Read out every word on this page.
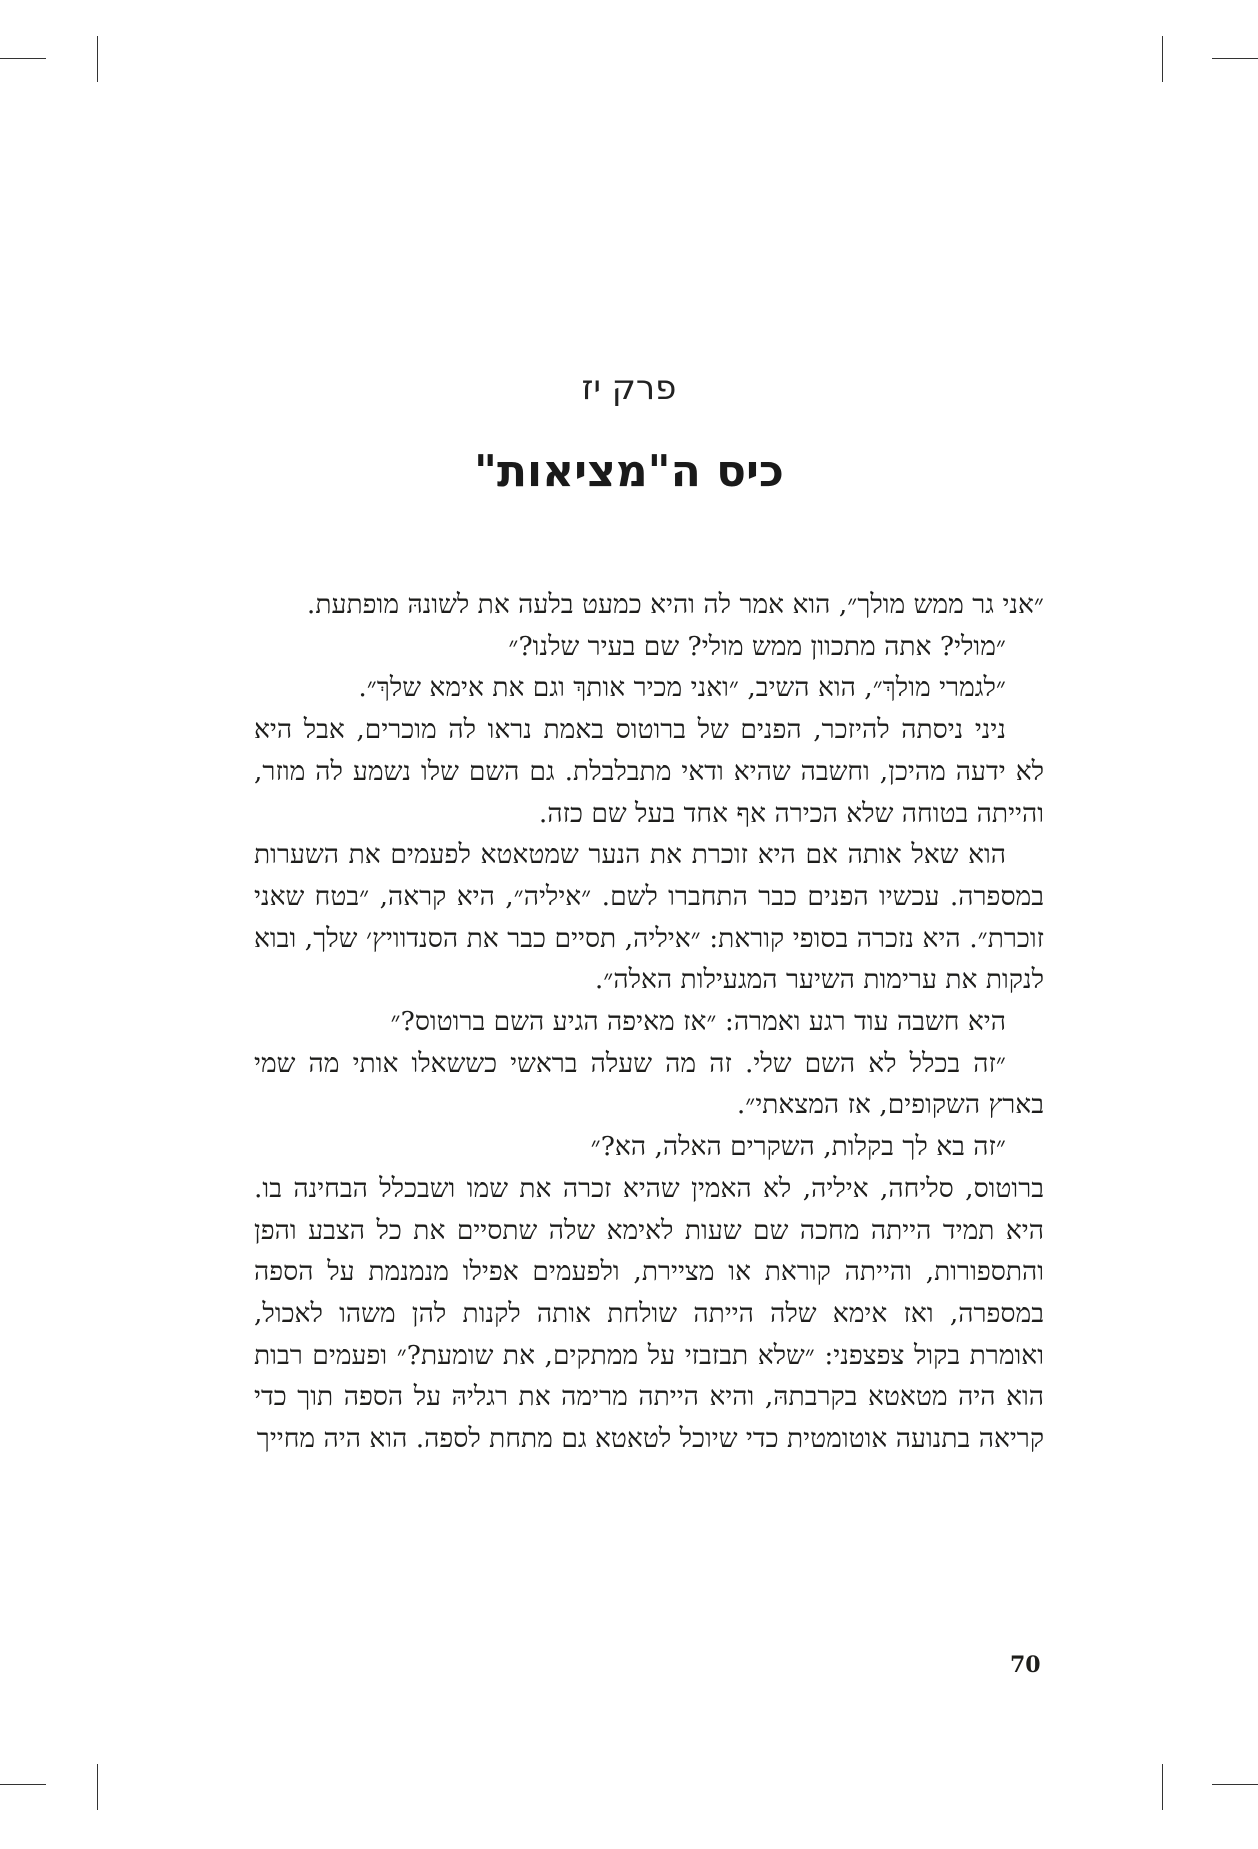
פרק יז
כיס ה"מציאות"

״אני גר ממש מולך״, הוא אמר לה והיא כמעט בלעה את לשונהּ מופתעת.

״מולי? אתה מתכוון ממש מולי? שם בעיר שלנו?״

״לגמרי מולךְ״, הוא השיב, ״ואני מכיר אותךְ וגם את אימא שלךְ״.

ניני ניסתה להיזכר, הפנים של ברוטוס באמת נראו לה מוכרים, אבל היא לא ידעה מהיכן, וחשבה שהיא ודאי מתבלבלת. גם השם שלו נשמע לה מוזר, והייתה בטוחה שלא הכירה אף אחד בעל שם כזה.

הוא שאל אותה אם היא זוכרת את הנער שמטאטא לפעמים את השערות במספרה. עכשיו הפנים כבר התחברו לשם. ״איליה״, היא קראה, ״בטח שאני זוכרת״. היא נזכרה בסופי קוראת: ״איליה, תסיים כבר את הסנדוויץ׳ שלך, ובוא לנקות את ערימות השיער המגעילות האלה״.

היא חשבה עוד רגע ואמרה: ״אז מאיפה הגיע השם ברוטוס?״

״זה בכלל לא השם שלי. זה מה שעלה בראשי כששאלו אותי מה שמי בארץ השקופים, אז המצאתי״.

״זה בא לך בקלות, השקרים האלה, הא?״

ברוטוס, סליחה, איליה, לא האמין שהיא זכרה את שמו ושבכלל הבחינה בו. היא תמיד הייתה מחכה שם שעות לאימא שלה שתסיים את כל הצבע והפן והתספורות, והייתה קוראת או מציירת, ולפעמים אפילו מנמנמת על הספה במספרה, ואז אימא שלה הייתה שולחת אותה לקנות להן משהו לאכול, ואומרת בקול צפצפני: ״שלא תבזבזי על ממתקים, את שומעת?״ ופעמים רבות הוא היה מטאטא בקרבתהּ, והיא הייתה מרימה את רגליהּ על הספה תוך כדי קריאה בתנועה אוטומטית כדי שיוכל לטאטא גם מתחת לספה. הוא היה מחייך

70
